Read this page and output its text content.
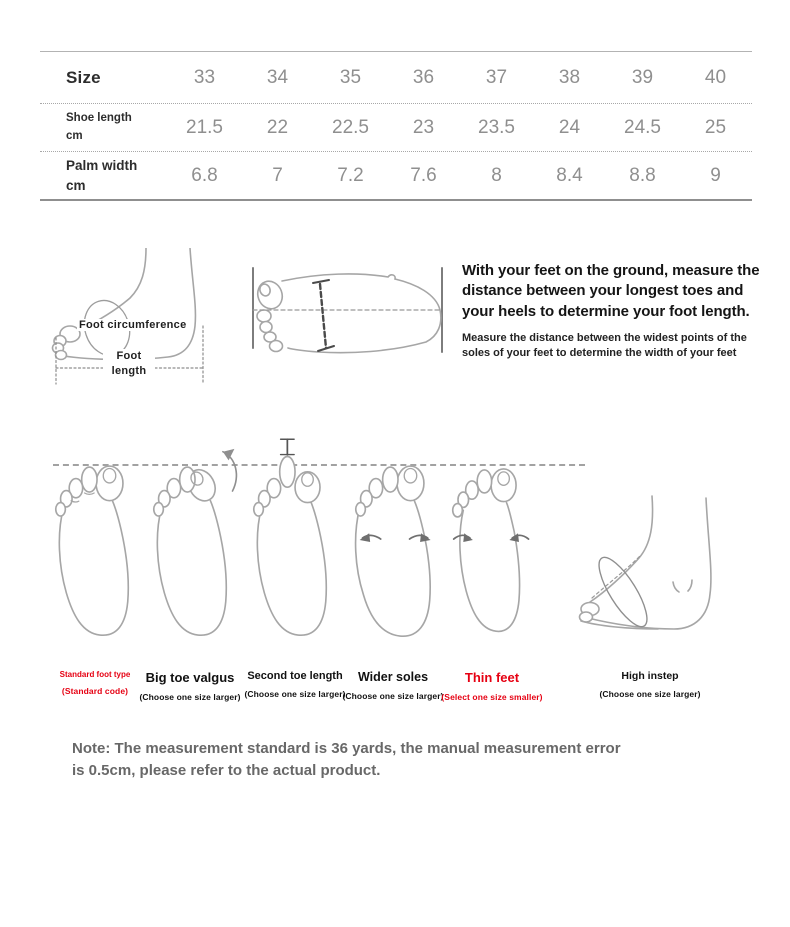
Size	33	34	35	36	37	38	39	40
Shoe length
cm	21.5	22	22.5	23	23.5	24	24.5	25
Palm width
cm	6.8	7	7.2	7.6	8	8.4	8.8	9
Foot circumference
Foot length

With your feet on the ground, measure the distance between your longest toes and your heels to determine your foot length.

Measure the distance between the widest points of the soles of your feet to determine the width of your feet

Standard foot type
(Standard code)
Big toe valgus
(Choose one size larger)
Second toe length
(Choose one size larger)
Wider soles
(Choose one size larger)
Thin feet
(Select one size smaller)
High instep
(Choose one size larger)

Note: The measurement standard is 36 yards, the manual measurement error is 0.5cm, please refer to the actual product.
